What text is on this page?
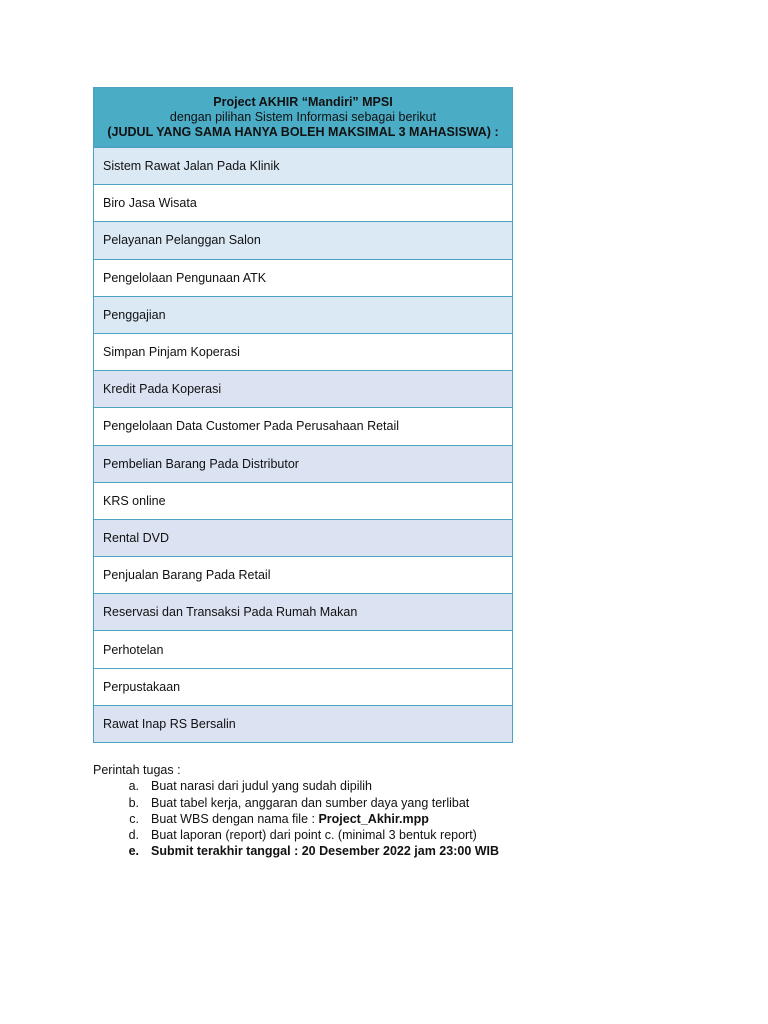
Project AKHIR “Mandiri” MPSI
dengan pilihan Sistem Informasi sebagai berikut
(JUDUL YANG SAMA HANYA BOLEH MAKSIMAL 3 MAHASISWA) :
Sistem Rawat Jalan Pada Klinik
Biro Jasa Wisata
Pelayanan Pelanggan Salon
Pengelolaan Pengunaan ATK
Penggajian
Simpan Pinjam Koperasi
Kredit Pada Koperasi
Pengelolaan Data Customer Pada Perusahaan Retail
Pembelian Barang Pada Distributor
KRS online
Rental DVD
Penjualan Barang Pada Retail
Reservasi dan Transaksi Pada Rumah Makan
Perhotelan
Perpustakaan
Rawat Inap RS Bersalin
Perintah tugas :
a. Buat narasi dari judul yang sudah dipilih
b. Buat tabel kerja, anggaran dan sumber daya yang terlibat
c. Buat WBS dengan nama file : Project_Akhir.mpp
d. Buat laporan (report) dari point c. (minimal 3 bentuk report)
e. Submit terakhir tanggal : 20 Desember 2022 jam 23:00 WIB
